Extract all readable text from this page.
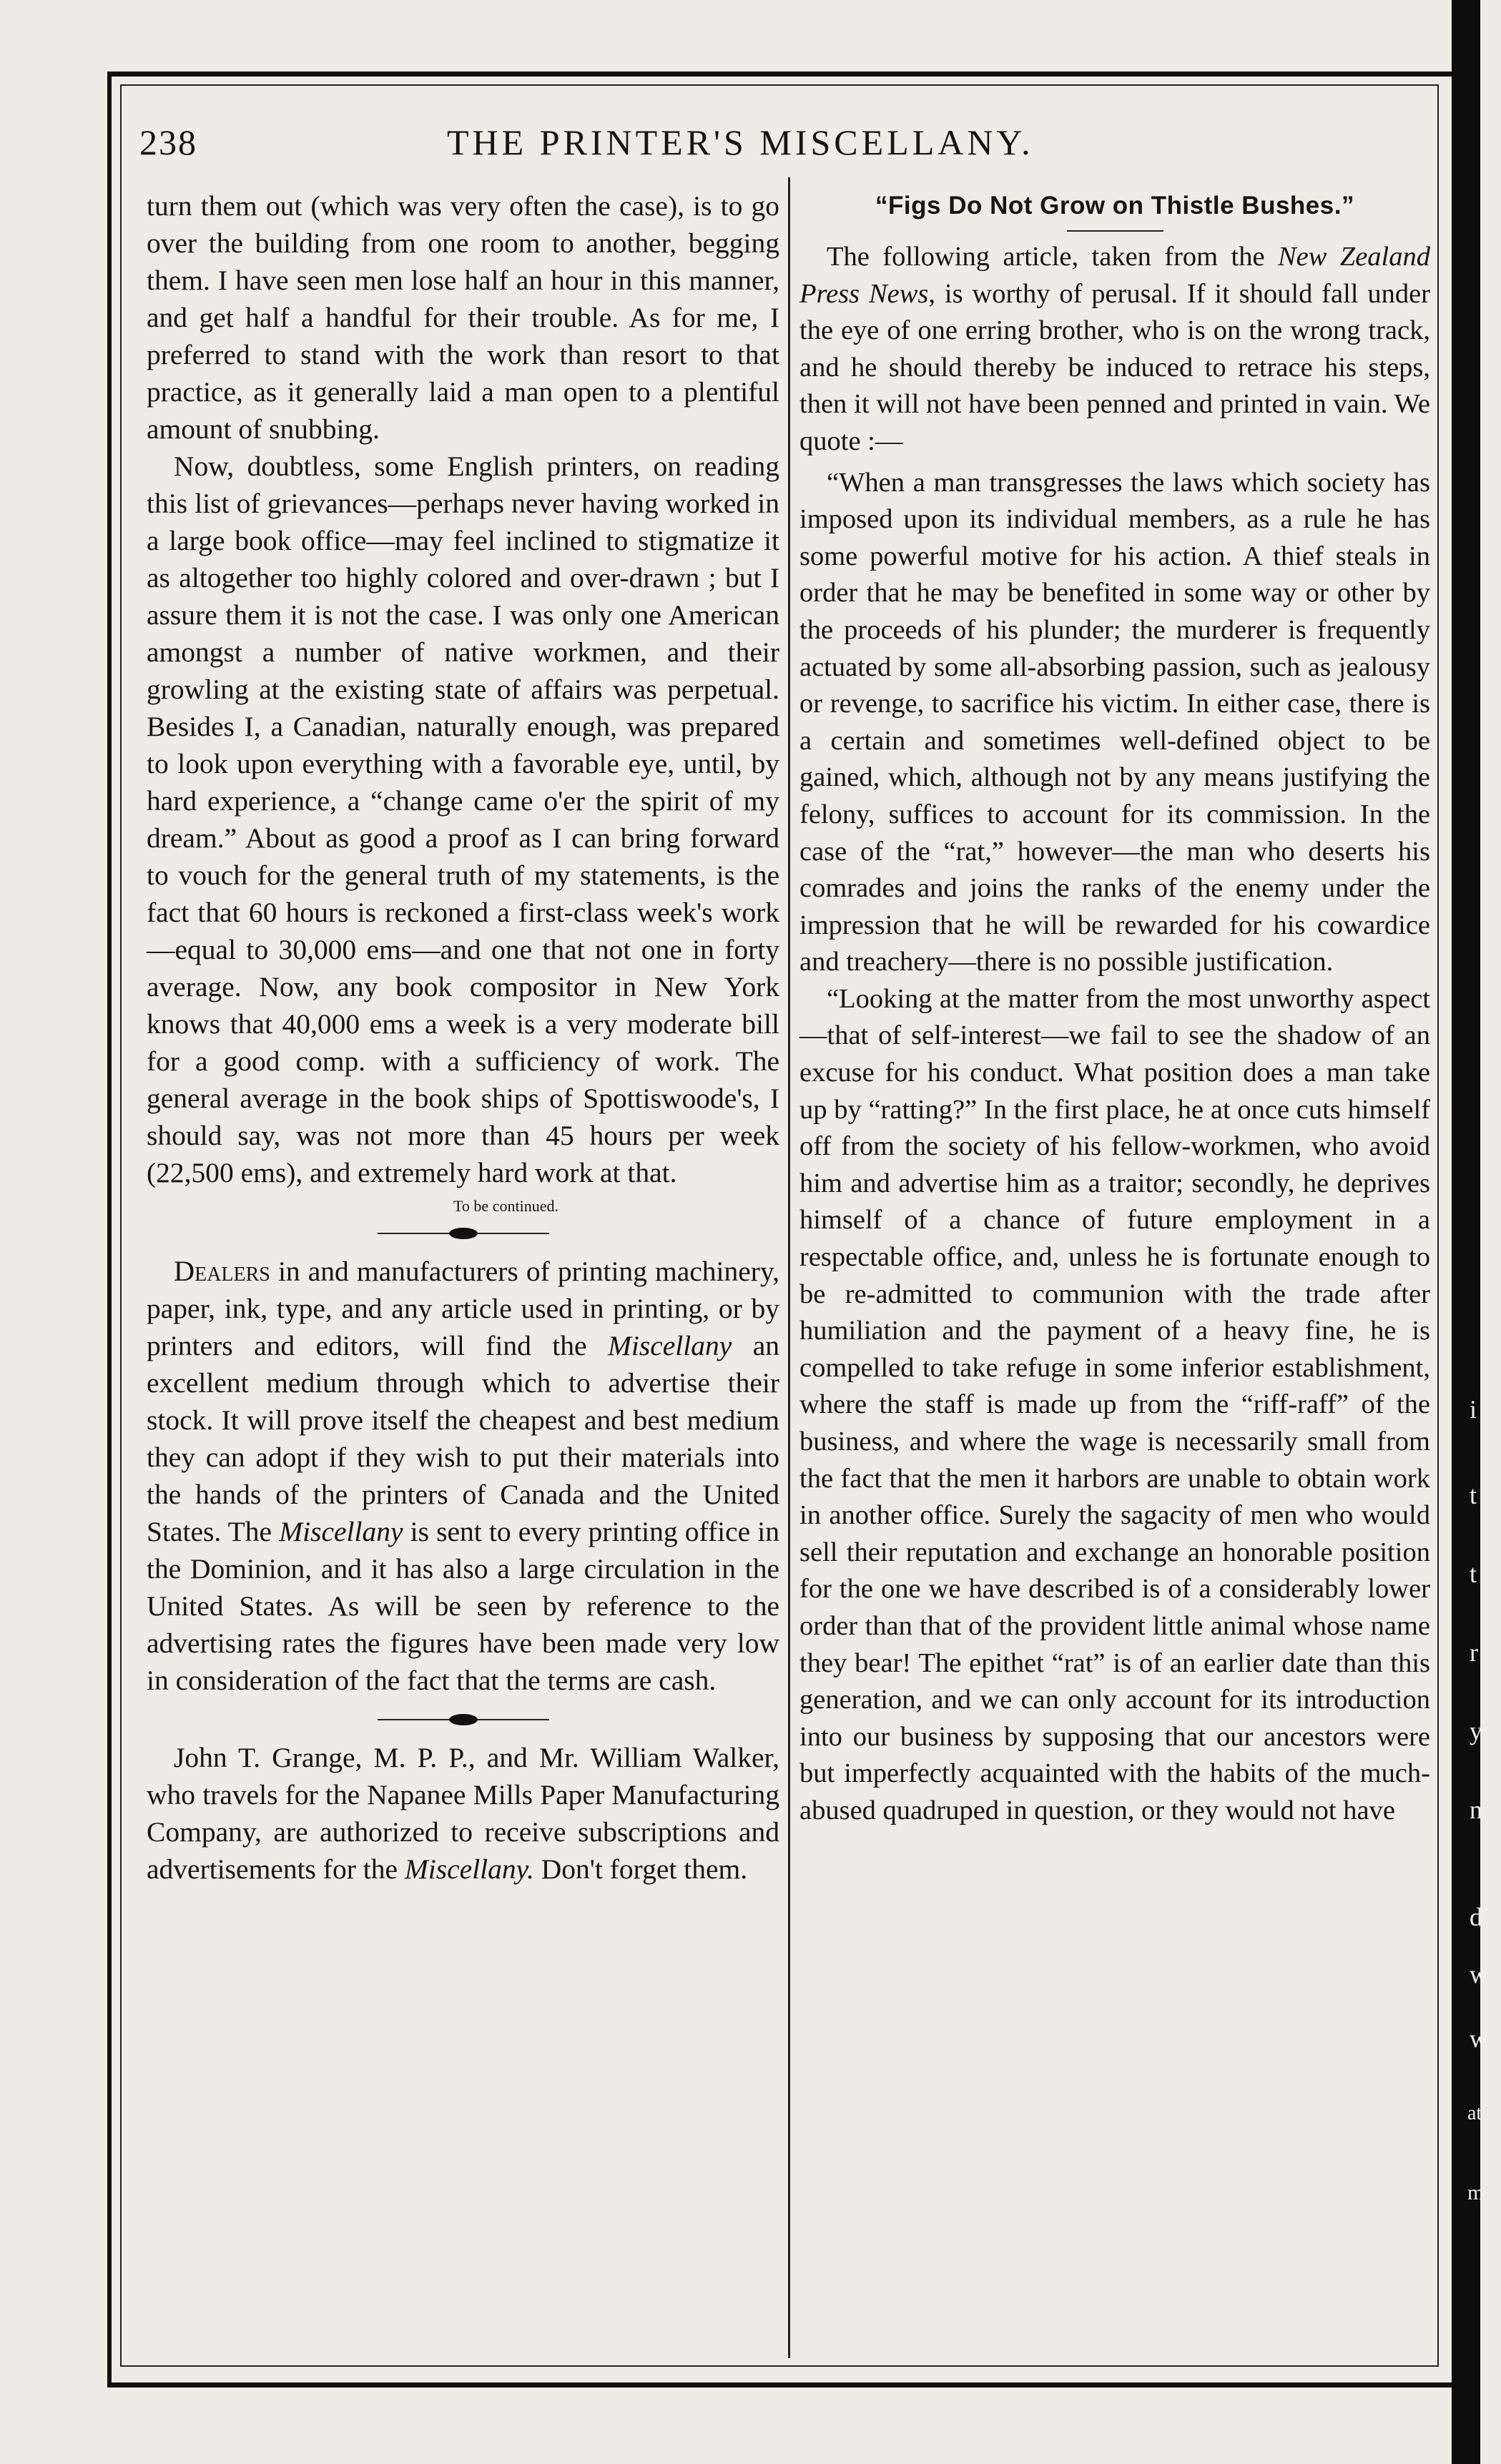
238	THE PRINTER'S MISCELLANY.

turn them out (which was very often the case), is to go over the building from one room to another, begging them. I have seen men lose half an hour in this manner, and get half a handful for their trouble. As for me, I preferred to stand with the work than resort to that practice, as it generally laid a man open to a plentiful amount of snubbing.

Now, doubtless, some English printers, on reading this list of grievances—perhaps never having worked in a large book office—may feel inclined to stigmatize it as altogether too highly colored and over-drawn ; but I assure them it is not the case. I was only one American amongst a number of native workmen, and their growling at the existing state of affairs was perpetual. Besides I, a Canadian, naturally enough, was prepared to look upon everything with a favorable eye, until, by hard experience, a “change came o'er the spirit of my dream.” About as good a proof as I can bring forward to vouch for the general truth of my statements, is the fact that 60 hours is reckoned a first-class week's work—equal to 30,000 ems—and one that not one in forty average. Now, any book compositor in New York knows that 40,000 ems a week is a very moderate bill for a good comp. with a sufficiency of work. The general average in the book ships of Spottiswoode's, I should say, was not more than 45 hours per week (22,500 ems), and extremely hard work at that.

To be continued.

Dealers in and manufacturers of printing machinery, paper, ink, type, and any article used in printing, or by printers and editors, will find the Miscellany an excellent medium through which to advertise their stock. It will prove itself the cheapest and best medium they can adopt if they wish to put their materials into the hands of the printers of Canada and the United States. The Miscellany is sent to every printing office in the Dominion, and it has also a large circulation in the United States. As will be seen by reference to the advertising rates the figures have been made very low in consideration of the fact that the terms are cash.

John T. Grange, M. P. P., and Mr. William Walker, who travels for the Napanee Mills Paper Manufacturing Company, are authorized to receive subscriptions and advertisements for the Miscellany. Don't forget them.

“Figs Do Not Grow on Thistle Bushes.”

The following article, taken from the New Zealand Press News, is worthy of perusal. If it should fall under the eye of one erring brother, who is on the wrong track, and he should thereby be induced to retrace his steps, then it will not have been penned and printed in vain. We quote :—

“When a man transgresses the laws which society has imposed upon its individual members, as a rule he has some powerful motive for his action. A thief steals in order that he may be benefited in some way or other by the proceeds of his plunder; the murderer is frequently actuated by some all-absorbing passion, such as jealousy or revenge, to sacrifice his victim. In either case, there is a certain and sometimes well-defined object to be gained, which, although not by any means justifying the felony, suffices to account for its commission. In the case of the “rat,” however—the man who deserts his comrades and joins the ranks of the enemy under the impression that he will be rewarded for his cowardice and treachery—there is no possible justification.

“Looking at the matter from the most unworthy aspect—that of self-interest—we fail to see the shadow of an excuse for his conduct. What position does a man take up by “ratting?” In the first place, he at once cuts himself off from the society of his fellow-workmen, who avoid him and advertise him as a traitor; secondly, he deprives himself of a chance of future employment in a respectable office, and, unless he is fortunate enough to be re-admitted to communion with the trade after humiliation and the payment of a heavy fine, he is compelled to take refuge in some inferior establishment, where the staff is made up from the “riff-raff” of the business, and where the wage is necessarily small from the fact that the men it harbors are unable to obtain work in another office. Surely the sagacity of men who would sell their reputation and exchange an honorable position for the one we have described is of a considerably lower order than that of the provident little animal whose name they bear! The epithet “rat” is of an earlier date than this generation, and we can only account for its introduction into our business by supposing that our ancestors were but imperfectly acquainted with the habits of the much-abused quadruped in question, or they would not have

i
t
t
r
y
n
d
w
w
at
m
